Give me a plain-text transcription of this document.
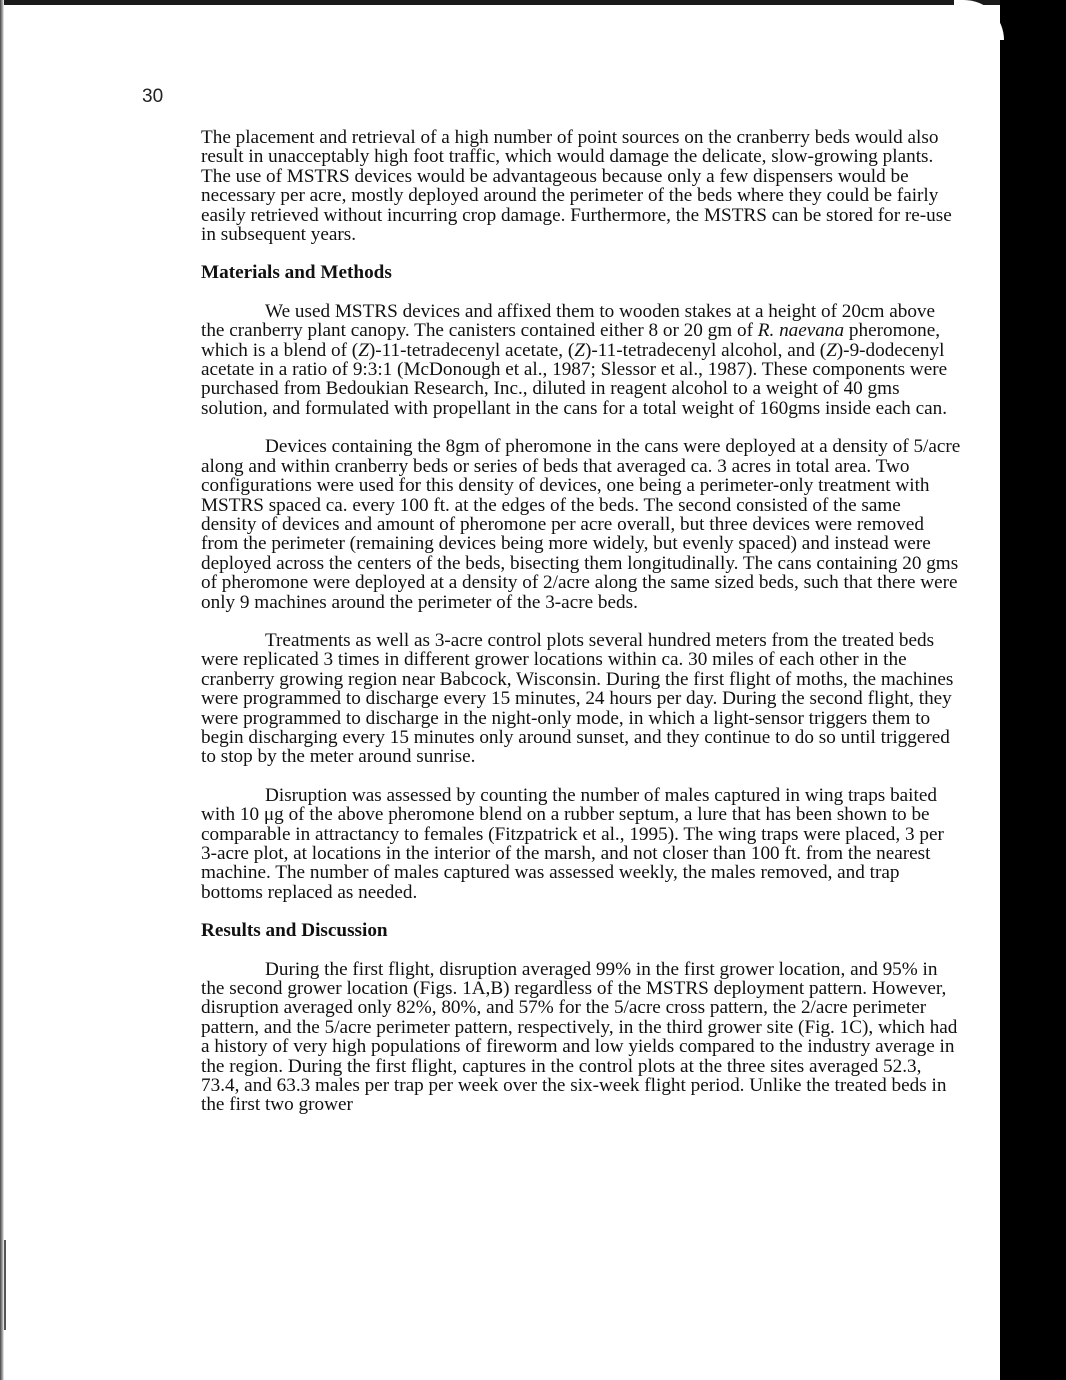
30

The placement and retrieval of a high number of point sources on the cranberry beds would also result in unacceptably high foot traffic, which would damage the delicate, slow-growing plants. The use of MSTRS devices would be advantageous because only a few dispensers would be necessary per acre, mostly deployed around the perimeter of the beds where they could be fairly easily retrieved without incurring crop damage. Furthermore, the MSTRS can be stored for re-use in subsequent years.

Materials and Methods

We used MSTRS devices and affixed them to wooden stakes at a height of 20cm above the cranberry plant canopy. The canisters contained either 8 or 20 gm of R. naevana pheromone, which is a blend of (Z)-11-tetradecenyl acetate, (Z)-11-tetradecenyl alcohol, and (Z)-9-dodecenyl acetate in a ratio of 9:3:1 (McDonough et al., 1987; Slessor et al., 1987). These components were purchased from Bedoukian Research, Inc., diluted in reagent alcohol to a weight of 40 gms solution, and formulated with propellant in the cans for a total weight of 160gms inside each can.

Devices containing the 8gm of pheromone in the cans were deployed at a density of 5/acre along and within cranberry beds or series of beds that averaged ca. 3 acres in total area. Two configurations were used for this density of devices, one being a perimeter-only treatment with MSTRS spaced ca. every 100 ft. at the edges of the beds. The second consisted of the same density of devices and amount of pheromone per acre overall, but three devices were removed from the perimeter (remaining devices being more widely, but evenly spaced) and instead were deployed across the centers of the beds, bisecting them longitudinally. The cans containing 20 gms of pheromone were deployed at a density of 2/acre along the same sized beds, such that there were only 9 machines around the perimeter of the 3-acre beds.

Treatments as well as 3-acre control plots several hundred meters from the treated beds were replicated 3 times in different grower locations within ca. 30 miles of each other in the cranberry growing region near Babcock, Wisconsin. During the first flight of moths, the machines were programmed to discharge every 15 minutes, 24 hours per day. During the second flight, they were programmed to discharge in the night-only mode, in which a light-sensor triggers them to begin discharging every 15 minutes only around sunset, and they continue to do so until triggered to stop by the meter around sunrise.

Disruption was assessed by counting the number of males captured in wing traps baited with 10 μg of the above pheromone blend on a rubber septum, a lure that has been shown to be comparable in attractancy to females (Fitzpatrick et al., 1995). The wing traps were placed, 3 per 3-acre plot, at locations in the interior of the marsh, and not closer than 100 ft. from the nearest machine. The number of males captured was assessed weekly, the males removed, and trap bottoms replaced as needed.

Results and Discussion

During the first flight, disruption averaged 99% in the first grower location, and 95% in the second grower location (Figs. 1A,B) regardless of the MSTRS deployment pattern. However, disruption averaged only 82%, 80%, and 57% for the 5/acre cross pattern, the 2/acre perimeter pattern, and the 5/acre perimeter pattern, respectively, in the third grower site (Fig. 1C), which had a history of very high populations of fireworm and low yields compared to the industry average in the region. During the first flight, captures in the control plots at the three sites averaged 52.3, 73.4, and 63.3 males per trap per week over the six-week flight period. Unlike the treated beds in the first two grower
